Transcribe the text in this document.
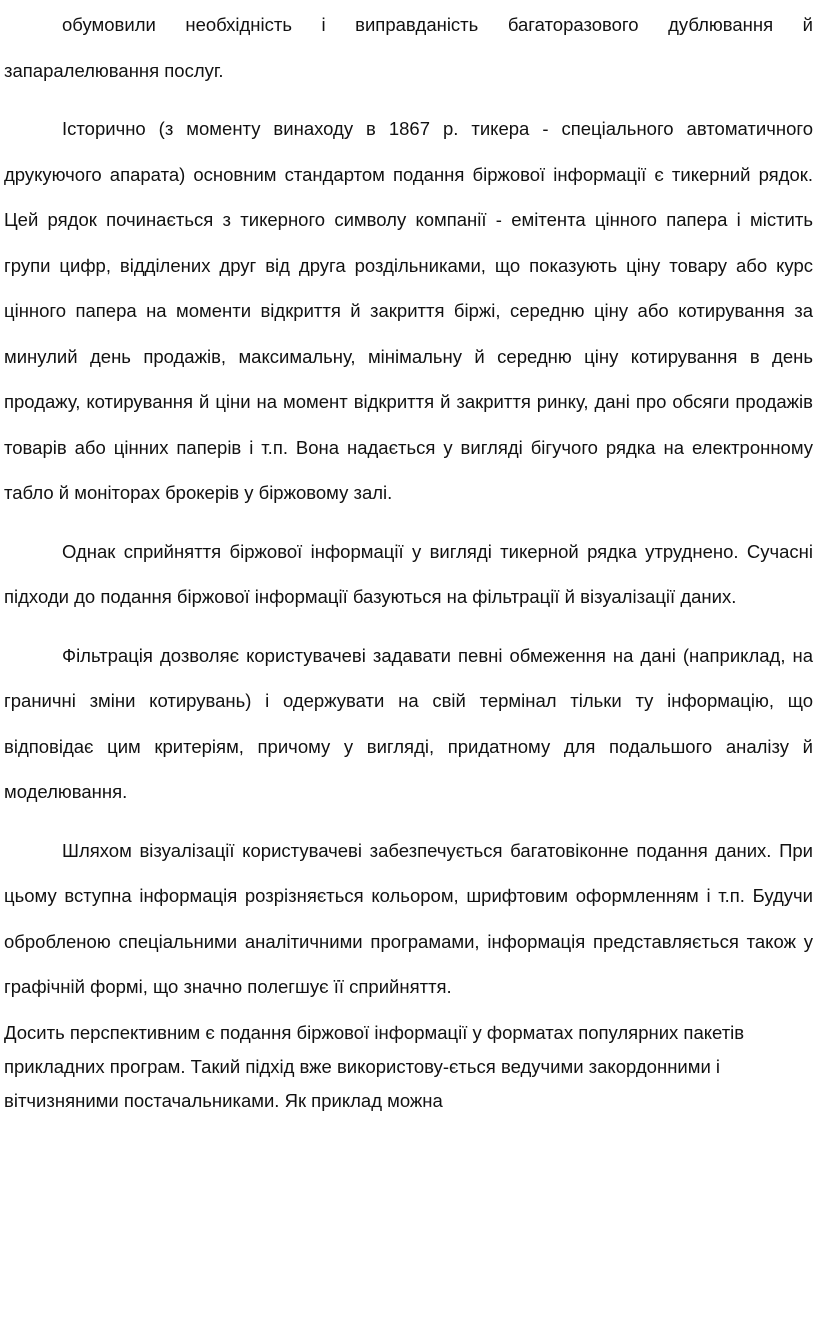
обумовили необхідність і виправданість багаторазового дублювання й запаралелювання послуг.

Історично (з моменту винаходу в 1867 р. тикера - спеціального автоматичного друкуючого апарата) основним стандартом подання біржової інформації є тикерний рядок. Цей рядок починається з тикерного символу компанії - емітента цінного папера і містить групи цифр, відділених друг від друга роздільниками, що показують ціну товару або курс цінного папера на моменти відкриття й закриття біржі, середню ціну або котирування за минулий день продажів, максимальну, мінімальну й середню ціну котирування в день продажу, котирування й ціни на момент відкриття й закриття ринку, дані про обсяги продажів товарів або цінних паперів і т.п. Вона надається у вигляді бігучого рядка на електронному табло й моніторах брокерів у біржовому залі.

Однак сприйняття біржової інформації у вигляді тикерной рядка утруднено. Сучасні підходи до подання біржової інформації базуються на фільтрації й візуалізації даних.

Фільтрація дозволяє користувачеві задавати певні обмеження на дані (наприклад, на граничні зміни котирувань) і одержувати на свій термінал тільки ту інформацію, що відповідає цим критеріям, причому у вигляді, придатному для подальшого аналізу й моделювання.

Шляхом візуалізації користувачеві забезпечується багатовіконне подання даних. При цьому вступна інформація розрізняється кольором, шрифтовим оформленням і т.п. Будучи обробленою спеціальними аналітичними програмами, інформація представляється також у графічній формі, що значно полегшує її сприйняття.

Досить перспективним є подання біржової інформації у форматах популярних пакетів прикладних програм. Такий підхід вже використову-ється ведучими закордонними і вітчизняними постачальниками. Як приклад можна
